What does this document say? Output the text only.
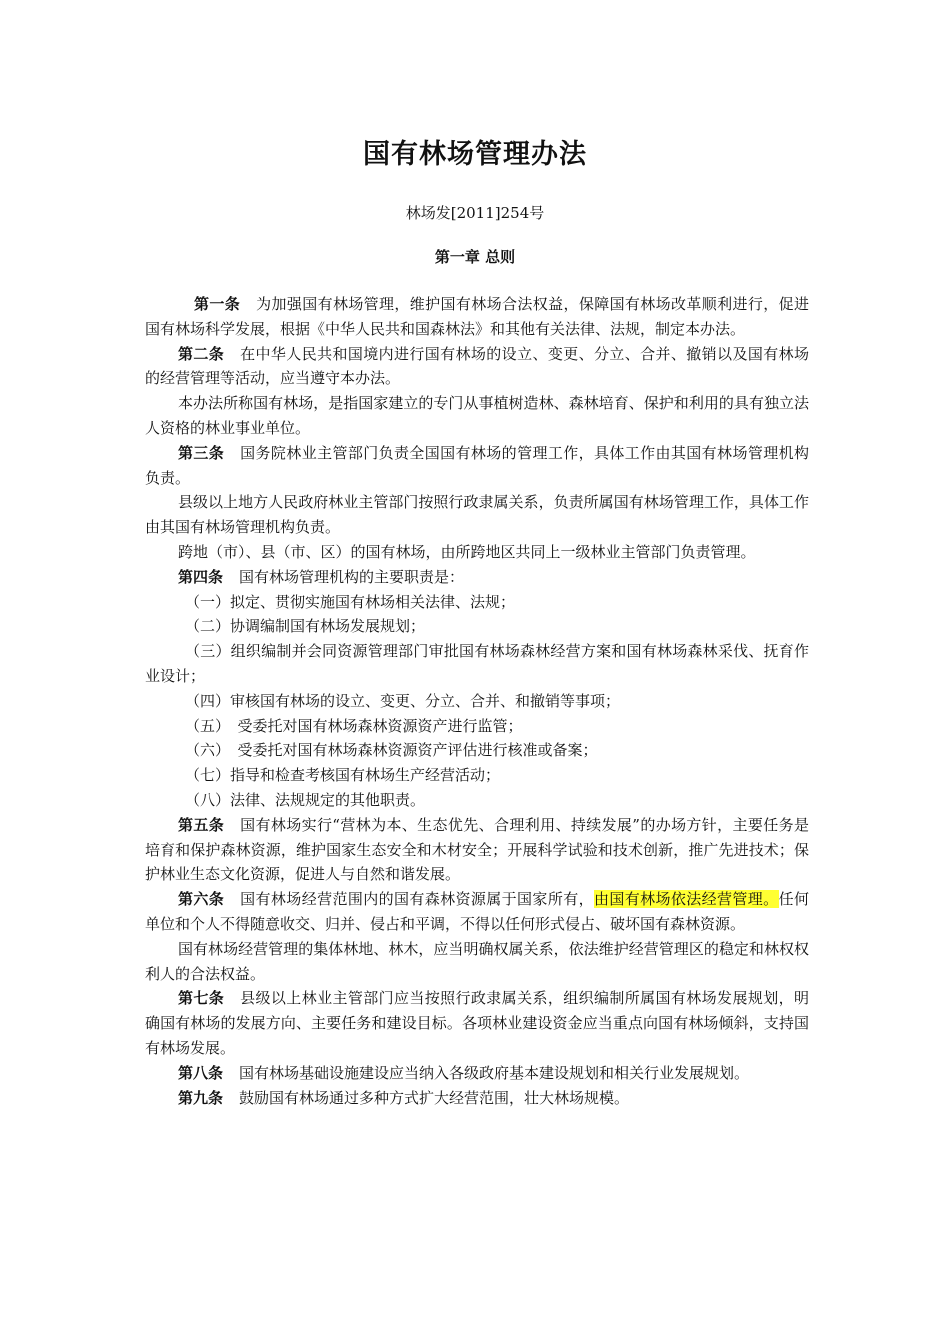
国有林场管理办法
林场发[2011]254号
第一章 总则

第一条 为加强国有林场管理，维护国有林场合法权益，保障国有林场改革顺利进行，促进国有林场科学发展，根据《中华人民共和国森林法》和其他有关法律、法规，制定本办法。

第二条 在中华人民共和国境内进行国有林场的设立、变更、分立、合并、撤销以及国有林场的经营管理等活动，应当遵守本办法。

本办法所称国有林场，是指国家建立的专门从事植树造林、森林培育、保护和利用的具有独立法人资格的林业事业单位。

第三条 国务院林业主管部门负责全国国有林场的管理工作，具体工作由其国有林场管理机构负责。

县级以上地方人民政府林业主管部门按照行政隶属关系，负责所属国有林场管理工作，具体工作由其国有林场管理机构负责。

跨地（市）、县（市、区）的国有林场，由所跨地区共同上一级林业主管部门负责管理。

第四条 国有林场管理机构的主要职责是：

（一）拟定、贯彻实施国有林场相关法律、法规；

（二）协调编制国有林场发展规划；

（三）组织编制并会同资源管理部门审批国有林场森林经营方案和国有林场森林采伐、抚育作业设计；

（四）审核国有林场的设立、变更、分立、合并、和撤销等事项；

（五）　受委托对国有林场森林资源资产进行监管；

（六）　受委托对国有林场森林资源资产评估进行核准或备案；

（七）指导和检查考核国有林场生产经营活动；

（八）法律、法规规定的其他职责。

第五条 国有林场实行“营林为本、生态优先、合理利用、持续发展”的办场方针，主要任务是培育和保护森林资源，维护国家生态安全和木材安全；开展科学试验和技术创新，推广先进技术；保护林业生态文化资源，促进人与自然和谐发展。

第六条 国有林场经营范围内的国有森林资源属于国家所有，由国有林场依法经营管理。任何单位和个人不得随意收交、归并、侵占和平调，不得以任何形式侵占、破坏国有森林资源。

国有林场经营管理的集体林地、林木，应当明确权属关系，依法维护经营管理区的稳定和林权权利人的合法权益。

第七条 县级以上林业主管部门应当按照行政隶属关系，组织编制所属国有林场发展规划，明确国有林场的发展方向、主要任务和建设目标。各项林业建设资金应当重点向国有林场倾斜，支持国有林场发展。

第八条 国有林场基础设施建设应当纳入各级政府基本建设规划和相关行业发展规划。

第九条 鼓励国有林场通过多种方式扩大经营范围，壮大林场规模。
